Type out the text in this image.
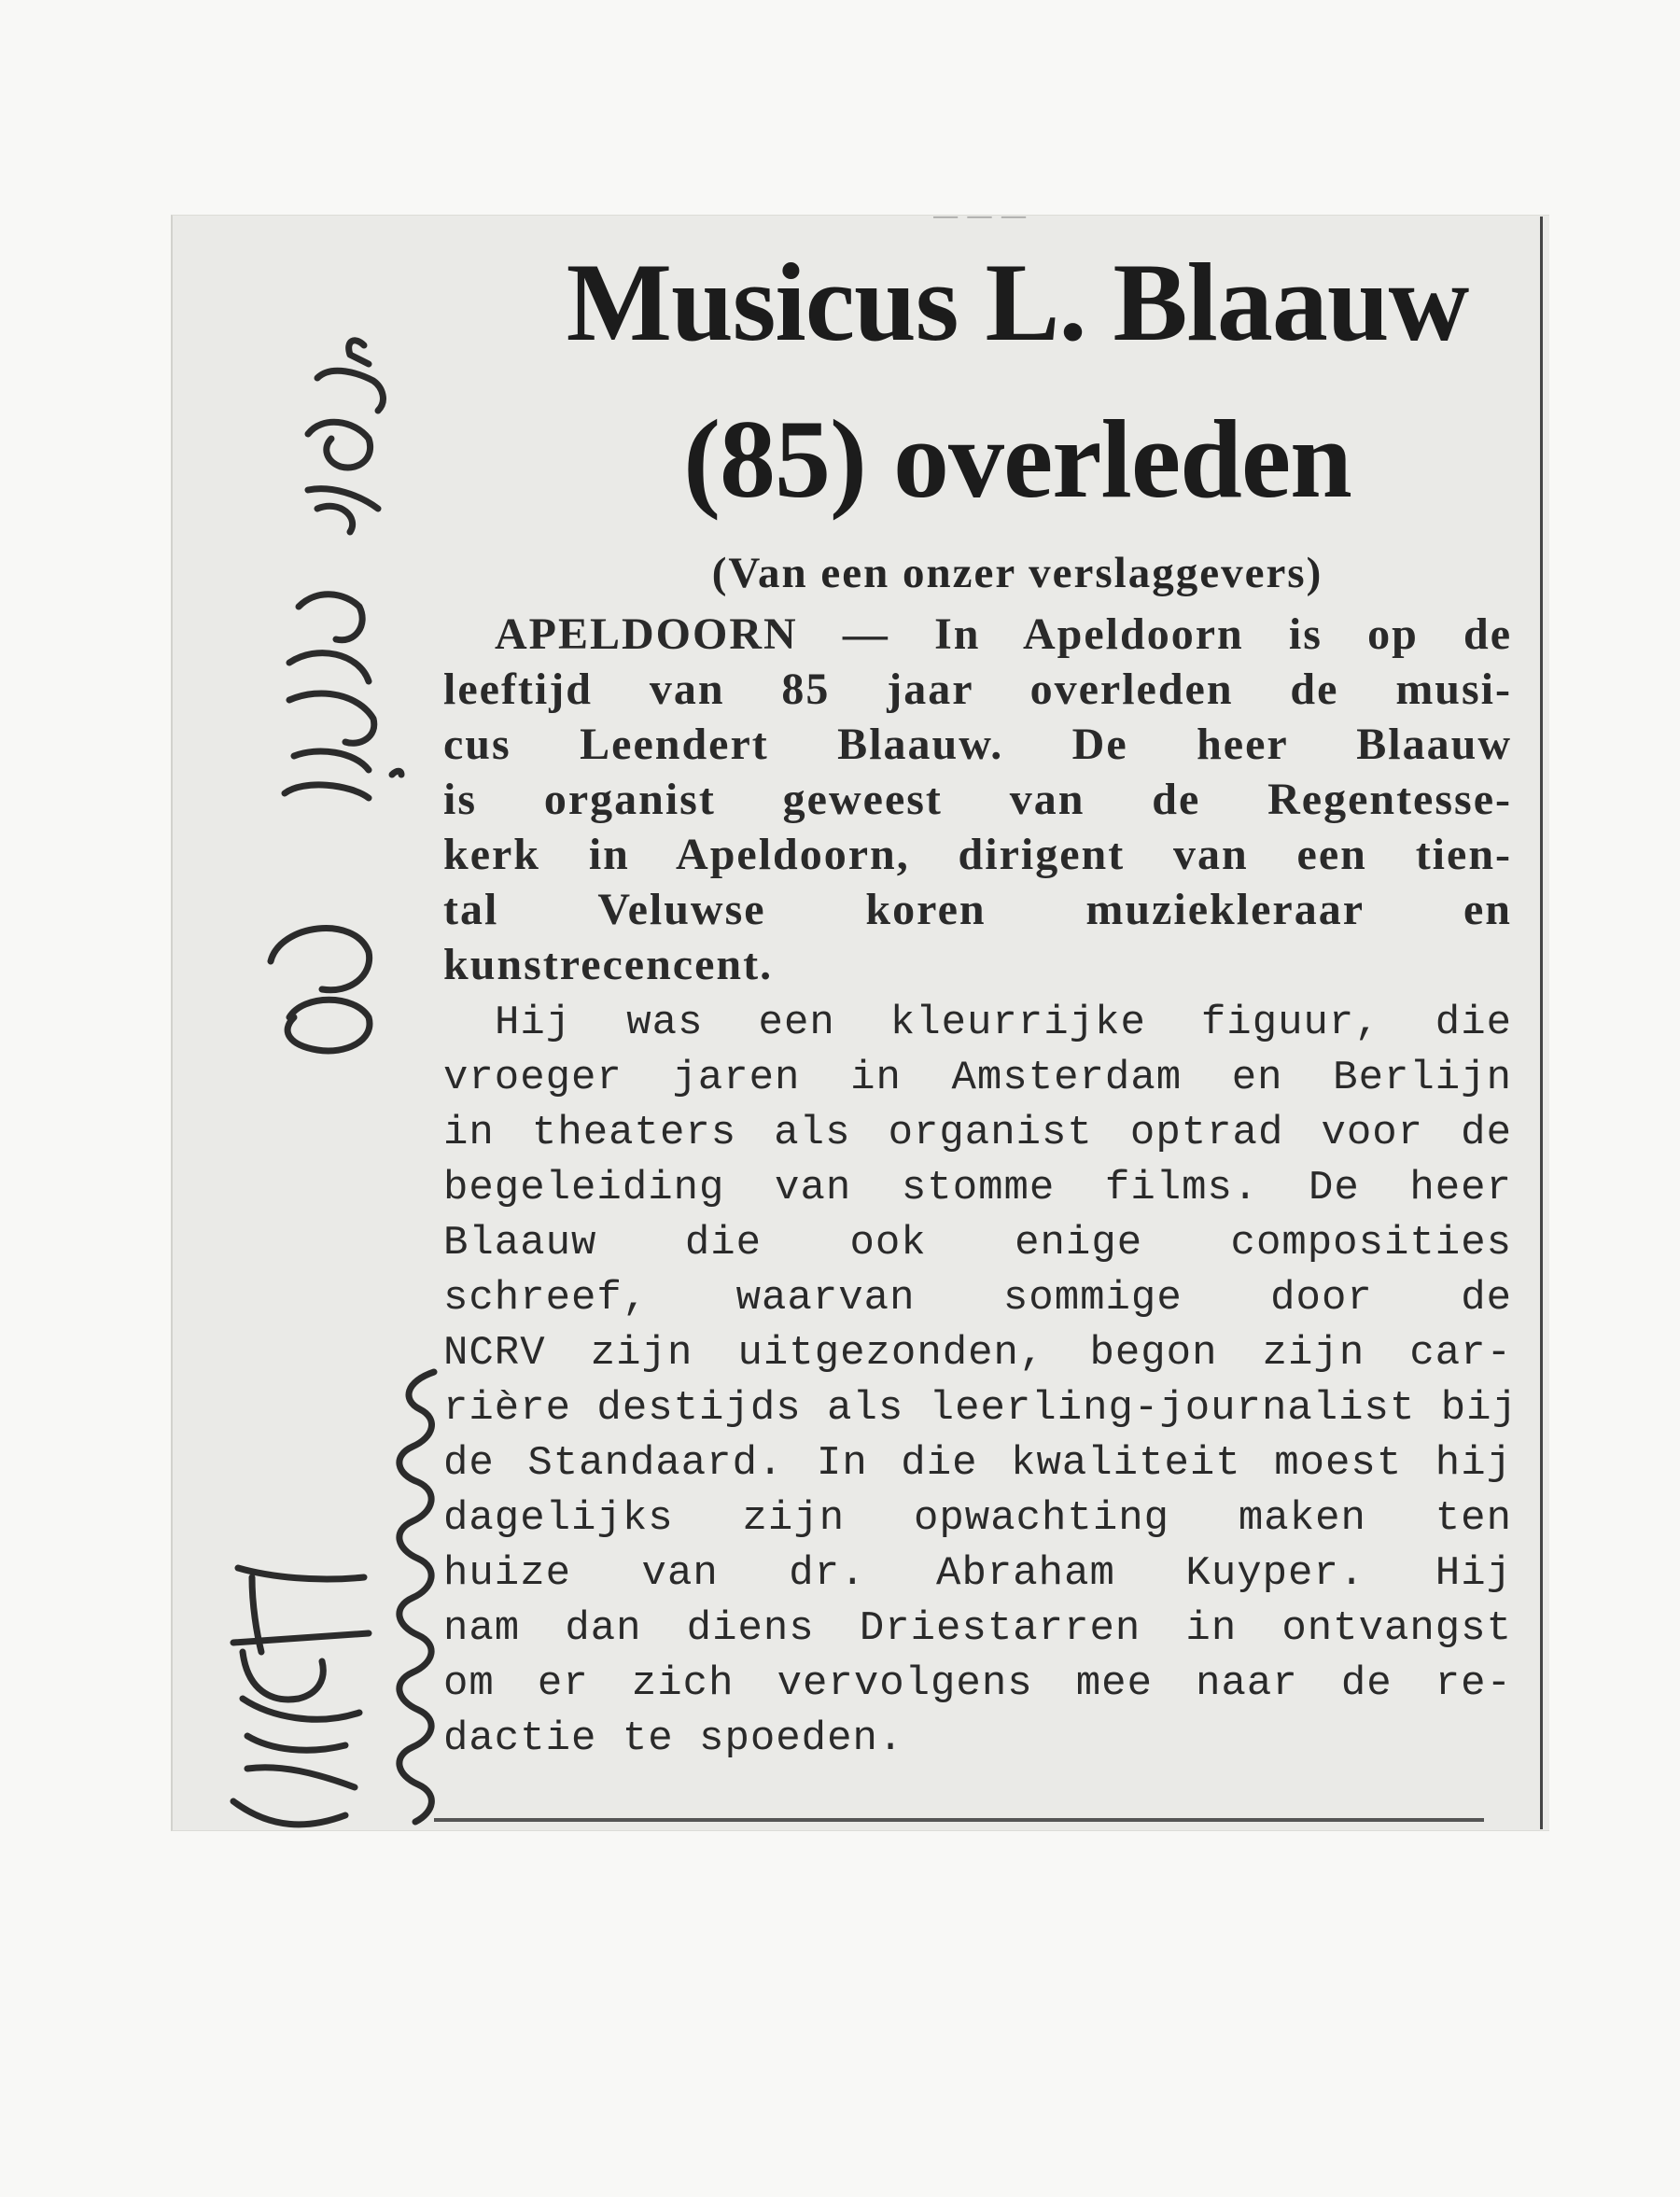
— — —
Musicus L. Blaauw
(85) overleden
(Van een onzer verslaggevers)

APELDOORN — In Apeldoorn is op de
leeftijd van 85 jaar overleden de musi-
cus Leendert Blaauw. De heer Blaauw
is organist geweest van de Regentesse-
kerk in Apeldoorn, dirigent van een tien-
tal Veluwse koren muziekleraar en
kunstrecencent.

Hij was een kleurrijke figuur, die
vroeger jaren in Amsterdam en Berlijn
in theaters als organist optrad voor de
begeleiding van stomme films. De heer
Blaauw die ook enige composities
schreef, waarvan sommige door de
NCRV zijn uitgezonden, begon zijn car-
rière destijds als leerling-journalist bij
de Standaard. In die kwaliteit moest hij
dagelijks zijn opwachting maken ten
huize van dr. Abraham Kuyper. Hij
nam dan diens Driestarren in ontvangst
om er zich vervolgens mee naar de re-
dactie te spoeden.
